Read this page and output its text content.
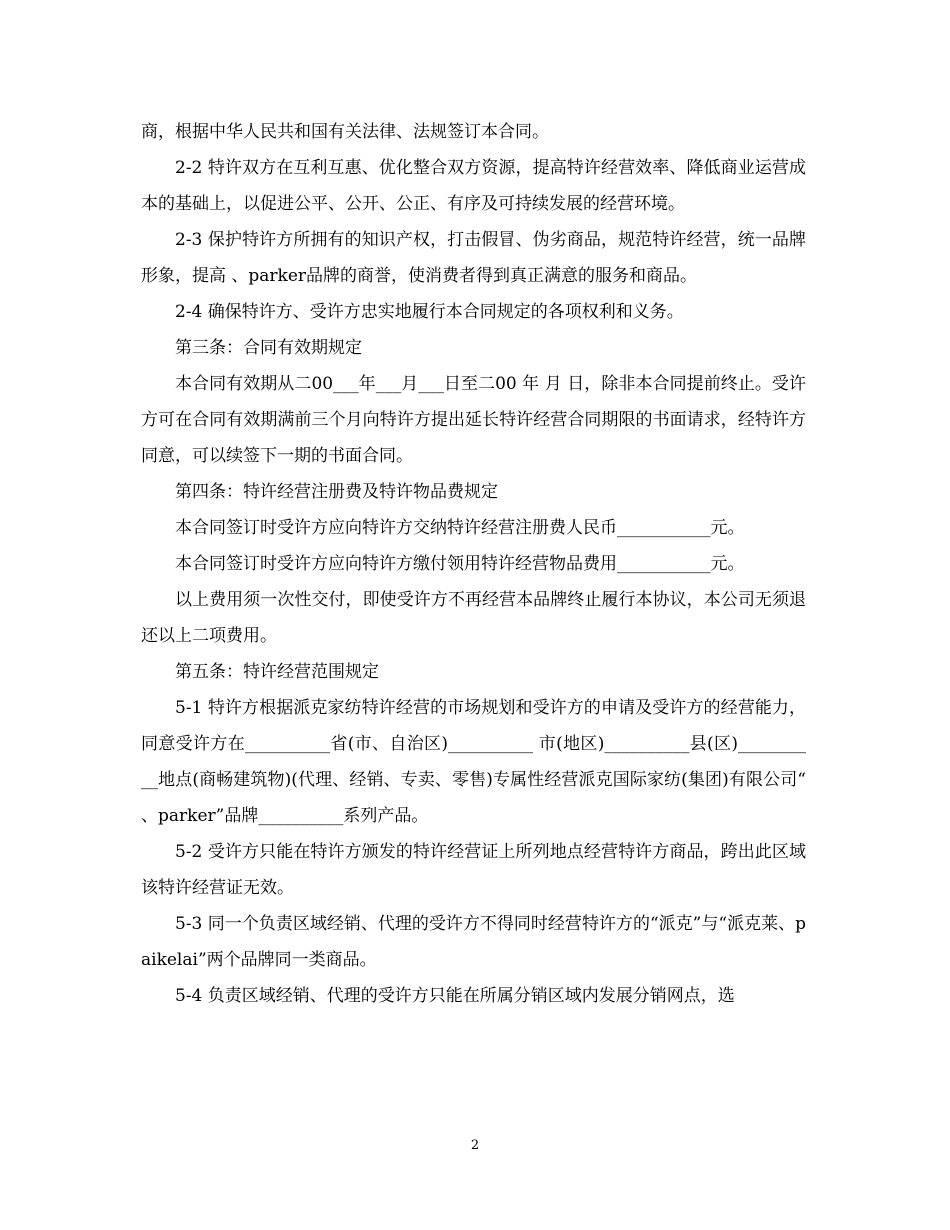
商，根据中华人民共和国有关法律、法规签订本合同。

2-2 特许双方在互利互惠、优化整合双方资源，提高特许经营效率、降低商业运营成本的基础上，以促进公平、公开、公正、有序及可持续发展的经营环境。

2-3 保护特许方所拥有的知识产权，打击假冒、伪劣商品，规范特许经营，统一品牌形象，提高 、parker品牌的商誉，使消费者得到真正满意的服务和商品。

2-4 确保特许方、受许方忠实地履行本合同规定的各项权利和义务。

第三条：合同有效期规定

本合同有效期从二00___年___月___日至二00 年 月 日，除非本合同提前终止。受许方可在合同有效期满前三个月向特许方提出延长特许经营合同期限的书面请求，经特许方同意，可以续签下一期的书面合同。

第四条：特许经营注册费及特许物品费规定

本合同签订时受许方应向特许方交纳特许经营注册费人民币___________元。

本合同签订时受许方应向特许方缴付领用特许经营物品费用___________元。

以上费用须一次性交付，即使受许方不再经营本品牌终止履行本协议，本公司无须退还以上二项费用。

第五条：特许经营范围规定

5-1 特许方根据派克家纺特许经营的市场规划和受许方的申请及受许方的经营能力，同意受许方在__________省(市、自治区)__________ 市(地区)__________县(区)__________地点(商畅建筑物)(代理、经销、专卖、零售)专属性经营派克国际家纺(集团)有限公司“ 、parker”品牌__________系列产品。

5-2 受许方只能在特许方颁发的特许经营证上所列地点经营特许方商品，跨出此区域该特许经营证无效。

5-3 同一个负责区域经销、代理的受许方不得同时经营特许方的“派克”与“派克莱、paikelai”两个品牌同一类商品。

5-4 负责区域经销、代理的受许方只能在所属分销区域内发展分销网点，选

2
